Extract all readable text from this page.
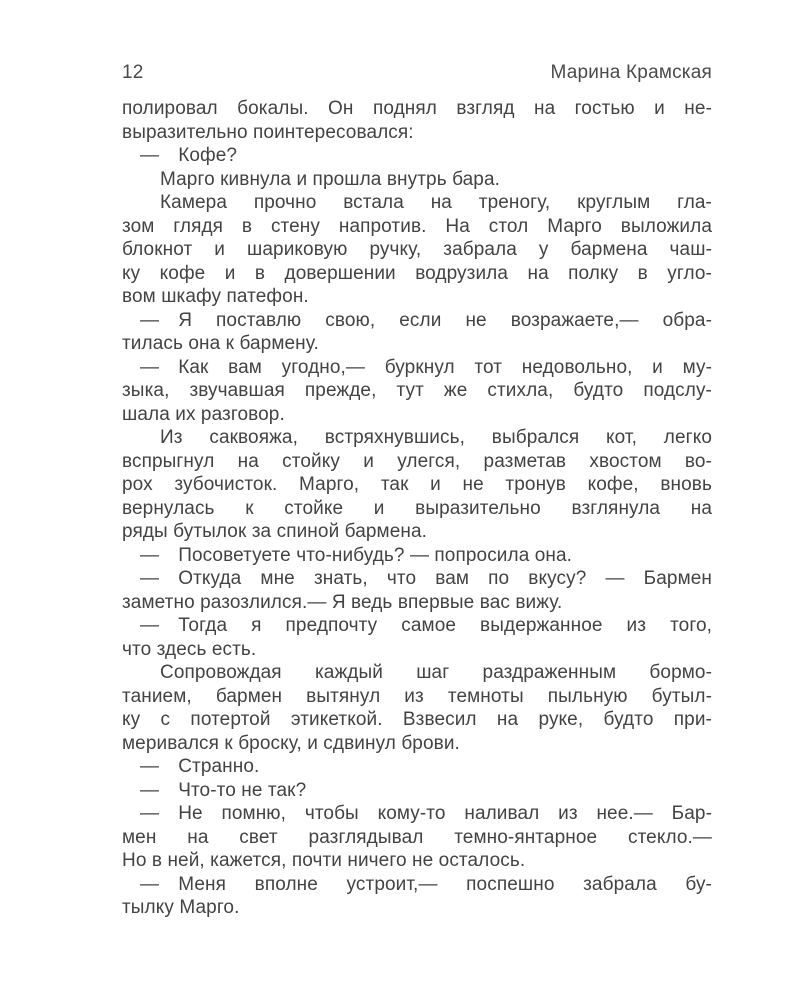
12	Марина Крамская
полировал бокалы. Он поднял взгляд на гостью и не-
выразительно поинтересовался:
— Кофе?
Марго кивнула и прошла внутрь бара.
Камера прочно встала на треногу, круглым гла-
зом глядя в стену напротив. На стол Марго выложила
блокнот и шариковую ручку, забрала у бармена чаш-
ку кофе и в довершении водрузила на полку в угло-
вом шкафу патефон.
— Я поставлю свою, если не возражаете,— обра-
тилась она к бармену.
— Как вам угодно,— буркнул тот недовольно, и му-
зыка, звучавшая прежде, тут же стихла, будто подслу-
шала их разговор.
Из саквояжа, встряхнувшись, выбрался кот, легко
вспрыгнул на стойку и улегся, разметав хвостом во-
рох зубочисток. Марго, так и не тронув кофе, вновь
вернулась к стойке и выразительно взглянула на
ряды бутылок за спиной бармена.
— Посоветуете что-нибудь? — попросила она.
— Откуда мне знать, что вам по вкусу? — Бармен
заметно разозлился.— Я ведь впервые вас вижу.
— Тогда я предпочту самое выдержанное из того,
что здесь есть.
Сопровождая каждый шаг раздраженным бормо-
танием, бармен вытянул из темноты пыльную бутыл-
ку с потертой этикеткой. Взвесил на руке, будто при-
меривался к броску, и сдвинул брови.
— Странно.
— Что-то не так?
— Не помню, чтобы кому-то наливал из нее.— Бар-
мен на свет разглядывал темно-янтарное стекло.—
Но в ней, кажется, почти ничего не осталось.
— Меня вполне устроит,— поспешно забрала бу-
тылку Марго.
